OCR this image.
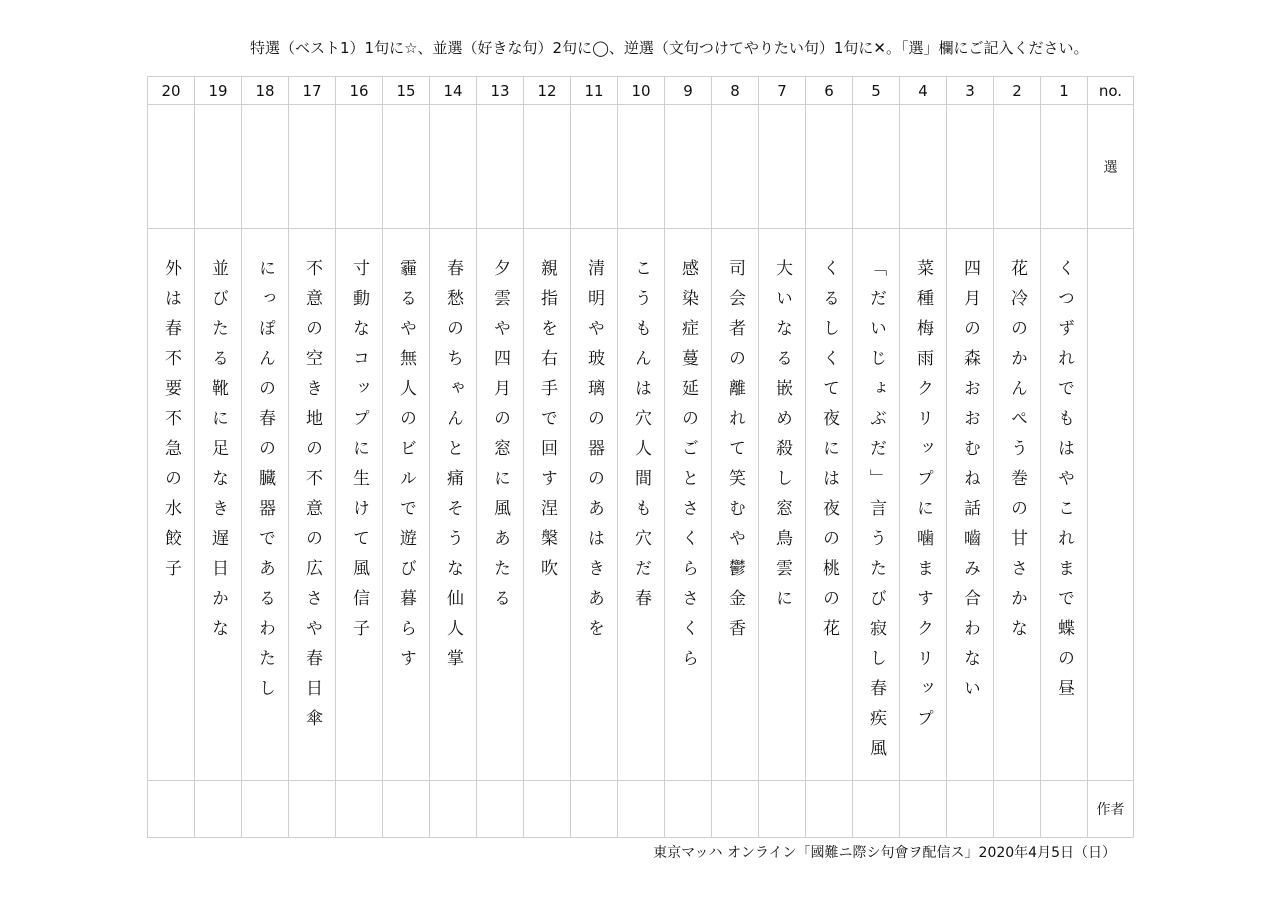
特選（ベスト1）1句に☆、並選（好きな句）2句に◯、逆選（文句つけてやりたい句）1句に✕。「選」欄にご記入ください。
20	19	18	17	16	15	14	13	12	11	10	9	8	7	6	5	4	3	2	1	no.
																				選
外は春不要不急の水餃子	並びたる靴に足なき遅日かな	にっぽんの春の臓器であるわたし	不意の空き地の不意の広さや春日傘	寸動なコップに生けて風信子	霾るや無人のビルで遊び暮らす	春愁のちゃんと痛そうな仙人掌	夕雲や四月の窓に風あたる	親指を右手で回す涅槃吹	清明や玻璃の器のあはきあを	こうもんは穴人間も穴だ春	感染症蔓延のごとさくらさくら	司会者の離れて笑むや鬱金香	大いなる嵌め殺し窓鳥雲に	くるしくて夜には夜の桃の花	「だいじょぶだ」言うたび寂し春疾風	菜種梅雨クリップに噛ますクリップ	四月の森おおむね話嚙み合わない	花冷のかんぺう巻の甘さかな	くつずれでもはやこれまで蝶の昼	
																				作者
東京マッハ オンライン「國難ニ際シ句會ヲ配信ス」2020年4月5日（日）
